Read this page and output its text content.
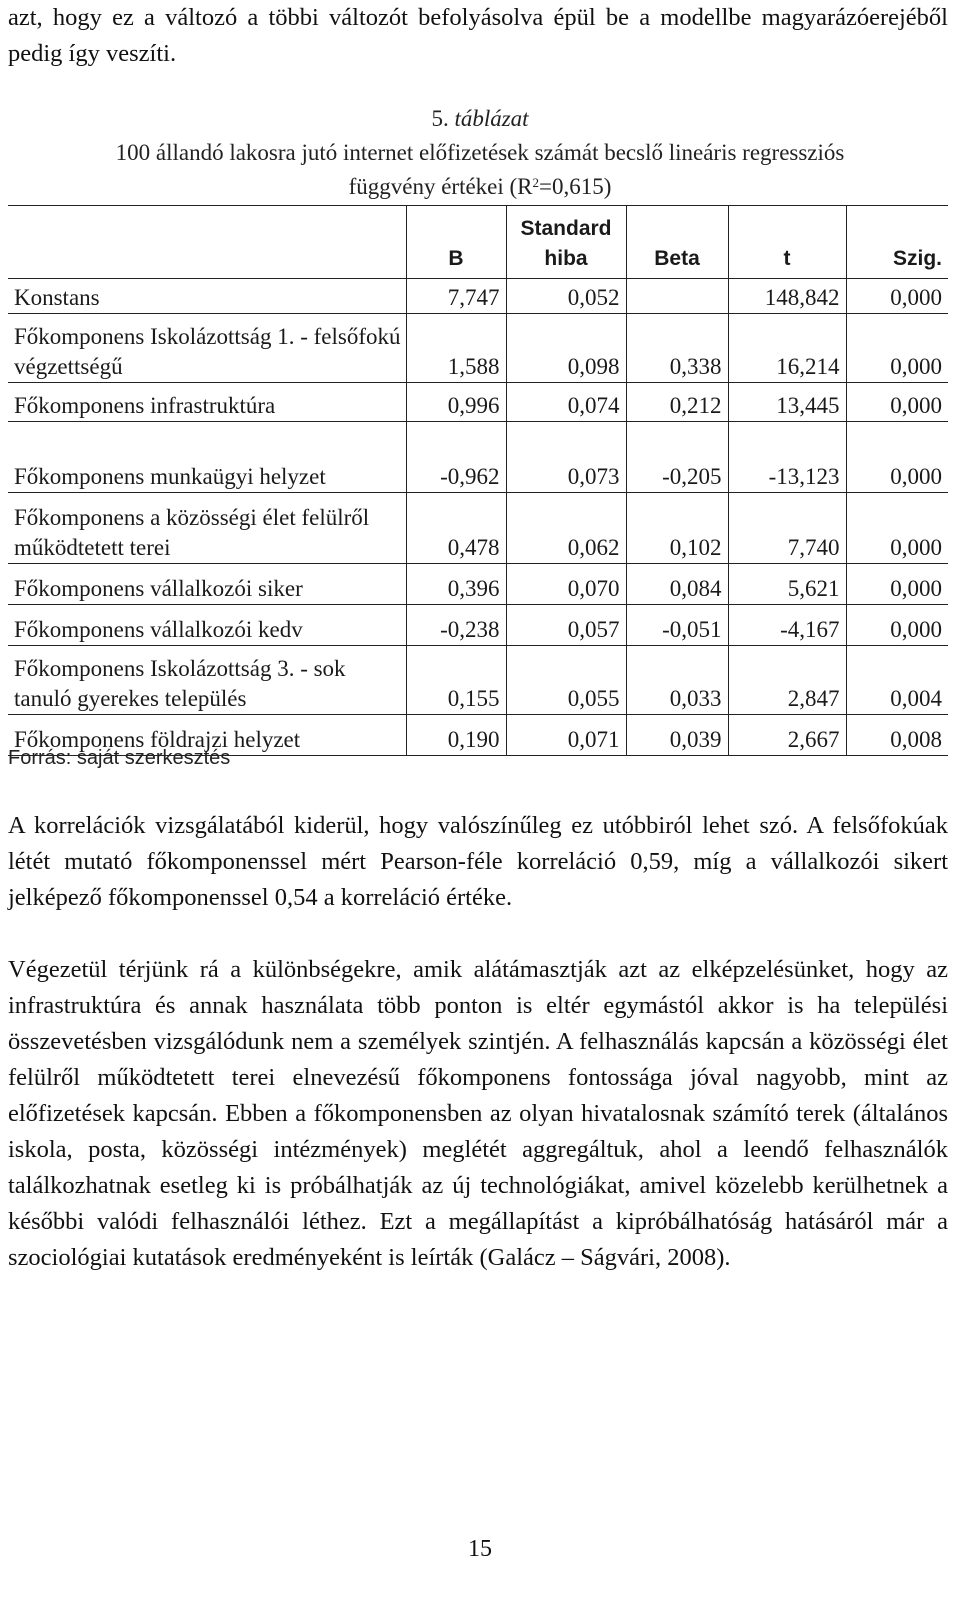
azt, hogy ez a változó a többi változót befolyásolva épül be a modellbe magyarázóerejéből pedig így veszíti.

5. táblázat
100 állandó lakosra jutó internet előfizetések számát becslő lineáris regressziós
függvény értékei $(R^2=0,615)$
	B	Standard hiba	Beta	t	Szig.
Konstans	7,747	0,052		148,842	0,000
Főkomponens Iskolázottság 1. - felsőfokú végzettségű	1,588	0,098	0,338	16,214	0,000
Főkomponens infrastruktúra	0,996	0,074	0,212	13,445	0,000
Főkomponens munkaügyi helyzet	-0,962	0,073	-0,205	-13,123	0,000
Főkomponens a közösségi élet felülről működtetett terei	0,478	0,062	0,102	7,740	0,000
Főkomponens vállalkozói siker	0,396	0,070	0,084	5,621	0,000
Főkomponens vállalkozói kedv	-0,238	0,057	-0,051	-4,167	0,000
Főkomponens Iskolázottság 3. - sok tanuló gyerekes település	0,155	0,055	0,033	2,847	0,004
Főkomponens földrajzi helyzet	0,190	0,071	0,039	2,667	0,008
Forrás: saját szerkesztés

A korrelációk vizsgálatából kiderül, hogy valószínűleg ez utóbbiról lehet szó. A felsőfokúak létét mutató főkomponenssel mért Pearson-féle korreláció 0,59, míg a vállalkozói sikert jelképező főkomponenssel 0,54 a korreláció értéke.

Végezetül térjünk rá a különbségekre, amik alátámasztják azt az elképzelésünket, hogy az infrastruktúra és annak használata több ponton is eltér egymástól akkor is ha települési összevetésben vizsgálódunk nem a személyek szintjén. A felhasználás kapcsán a közösségi élet felülről működtetett terei elnevezésű főkomponens fontossága jóval nagyobb, mint az előfizetések kapcsán. Ebben a főkomponensben az olyan hivatalosnak számító terek (általános iskola, posta, közösségi intézmények) meglétét aggregáltuk, ahol a leendő felhasználók találkozhatnak esetleg ki is próbálhatják az új technológiákat, amivel közelebb kerülhetnek a későbbi valódi felhasználói léthez. Ezt a megállapítást a kipróbálhatóság hatásáról már a szociológiai kutatások eredményeként is leírták (Galácz – Ságvári, 2008).

15
